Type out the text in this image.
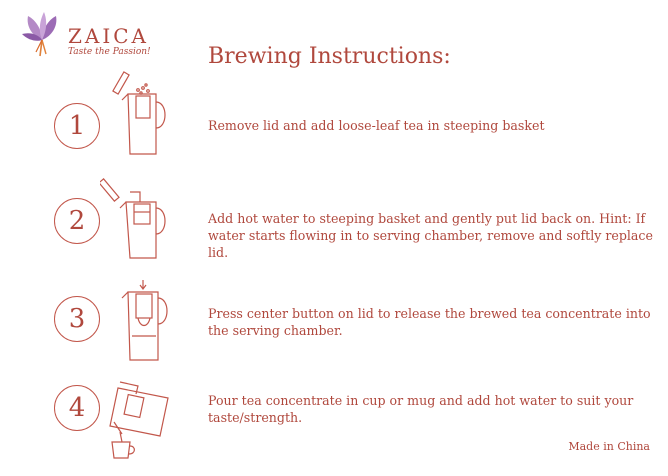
ZAICA
Taste the Passion!	Brewing Instructions:
1	Remove lid and add loose-leaf tea in steeping basket
2	Add hot water to steeping basket and gently put lid back on. Hint: If water starts flowing in to serving chamber, remove and softly replace lid.
3	Press center button on lid to release the brewed tea concentrate into the serving chamber.
4	Pour tea concentrate in cup or mug and add hot water to suit your taste/strength.
Made in China
